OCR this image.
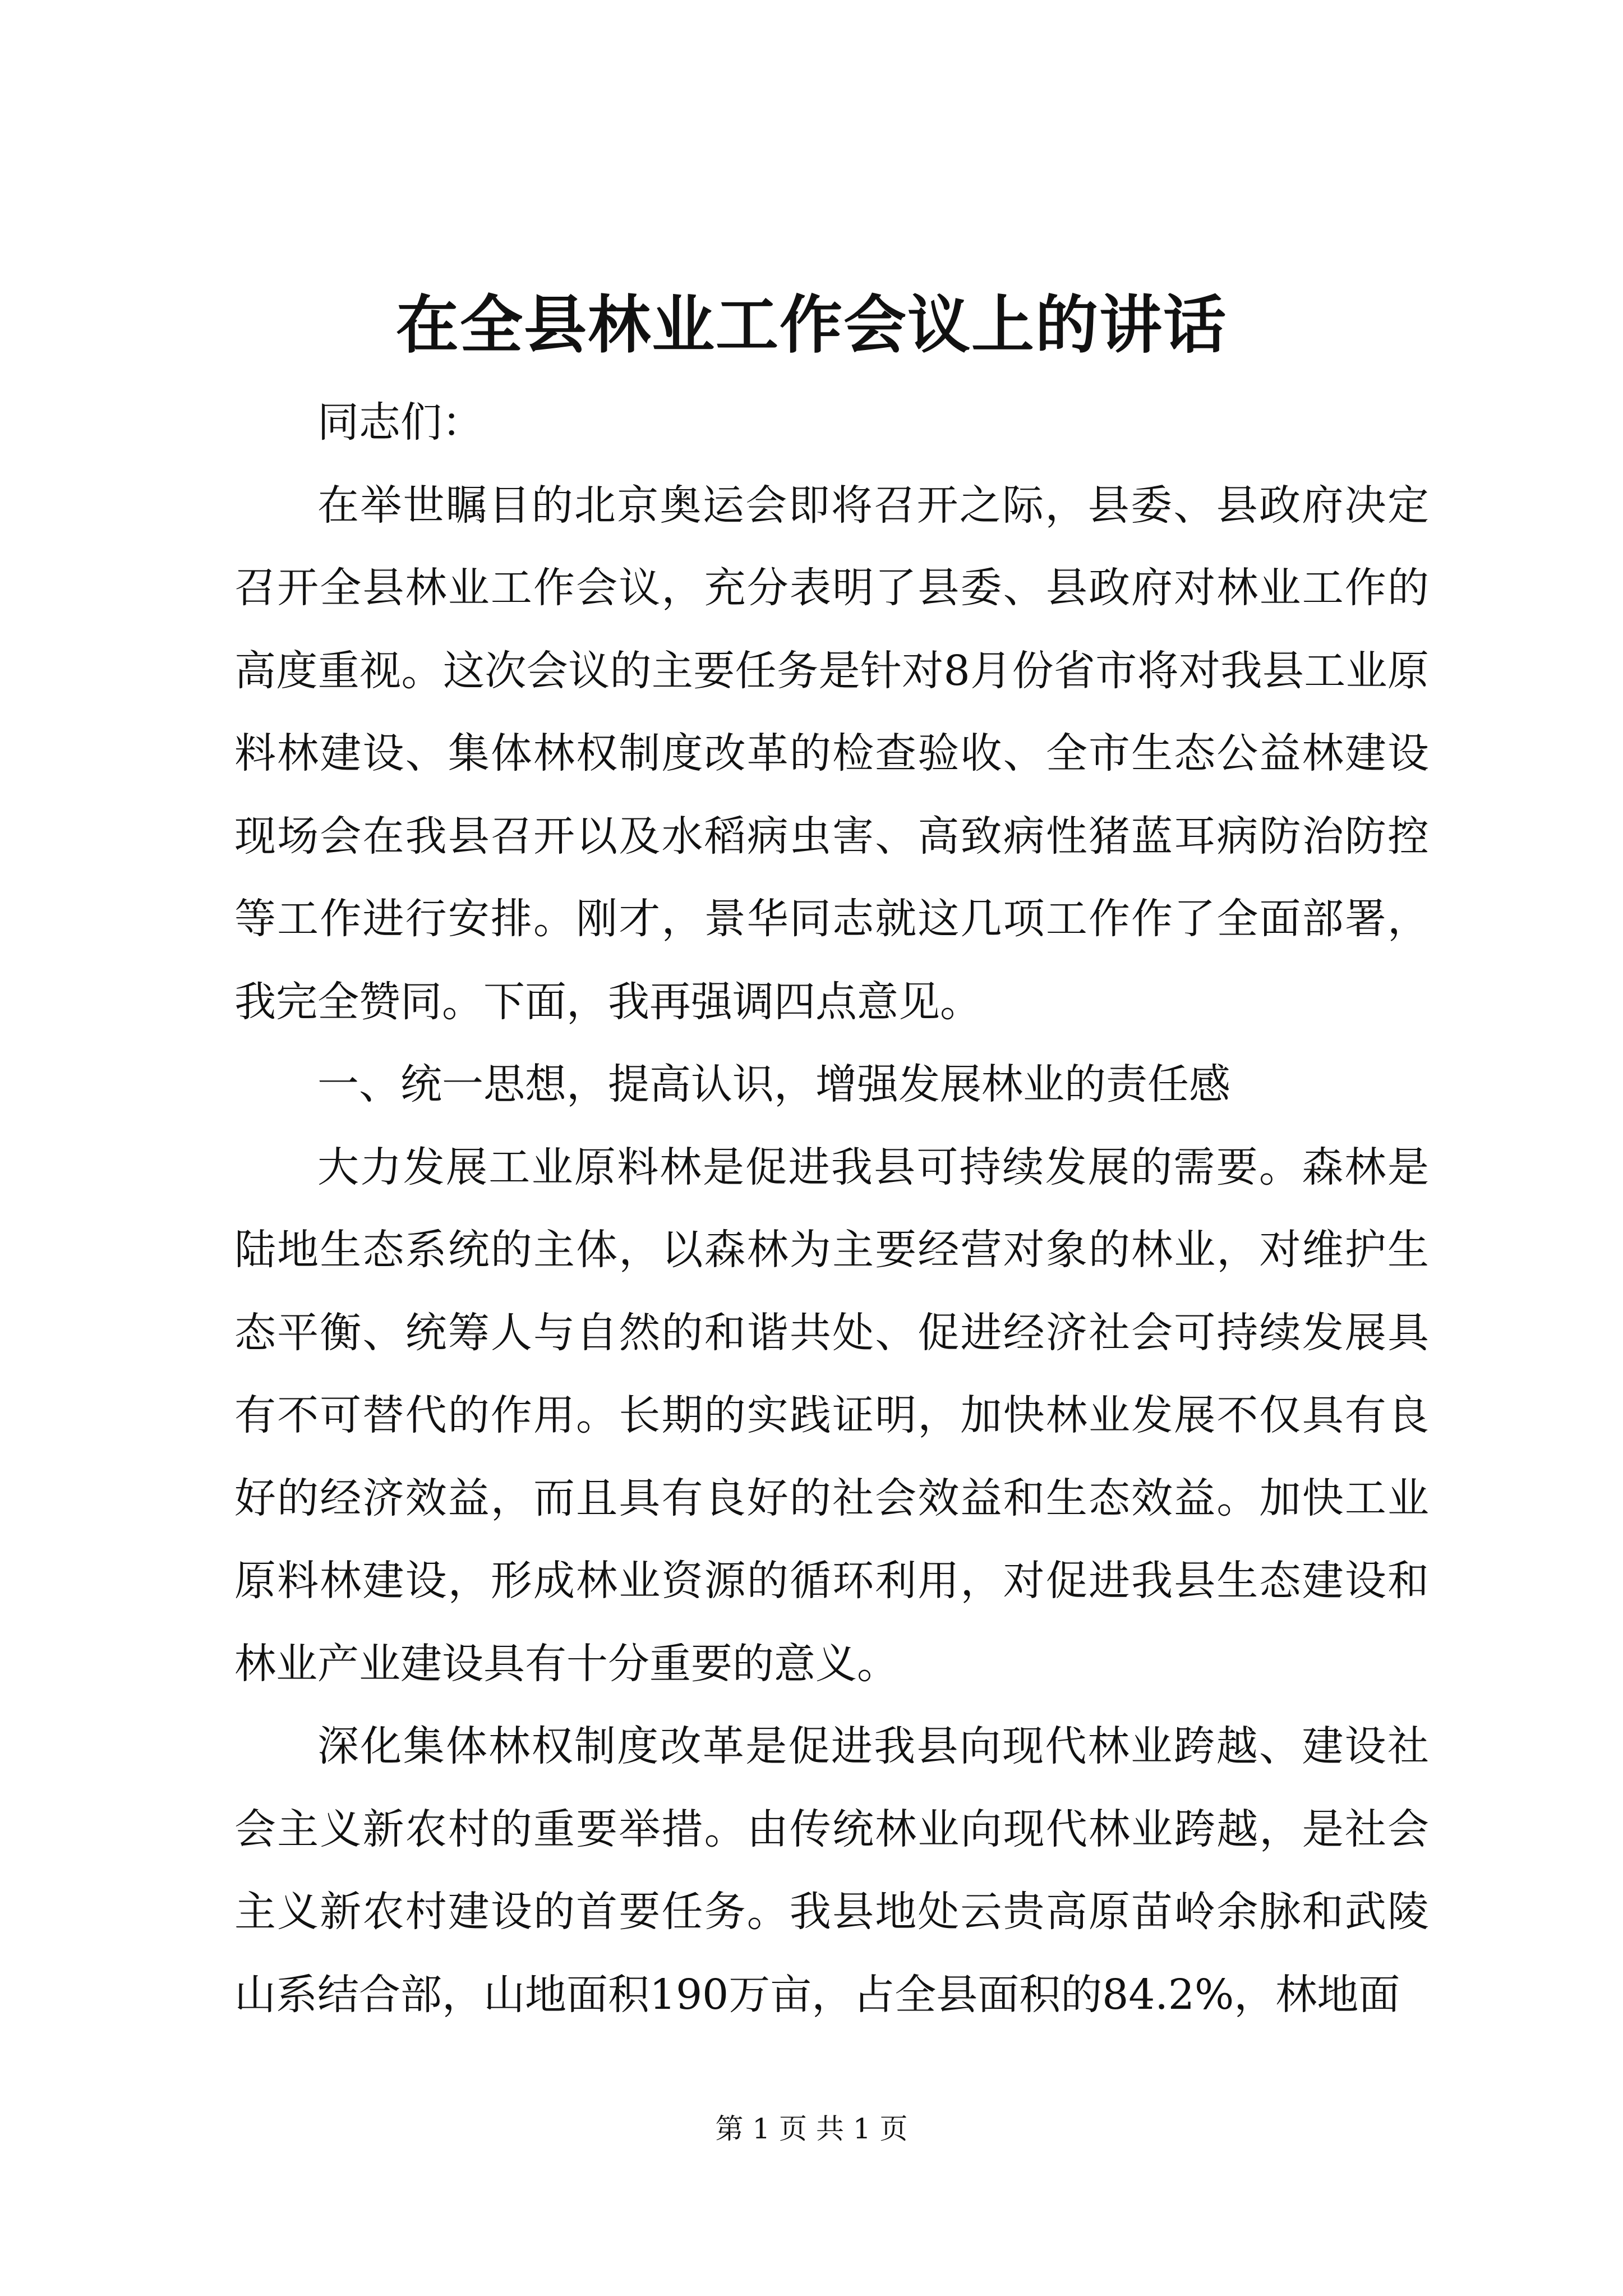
在全县林业工作会议上的讲话

同志们：

在举世瞩目的北京奥运会即将召开之际，县委、县政府决定召开全县林业工作会议，充分表明了县委、县政府对林业工作的高度重视。这次会议的主要任务是针对8月份省市将对我县工业原料林建设、集体林权制度改革的检查验收、全市生态公益林建设现场会在我县召开以及水稻病虫害、高致病性猪蓝耳病防治防控等工作进行安排。刚才，景华同志就这几项工作作了全面部署，我完全赞同。下面，我再强调四点意见。

一、统一思想，提高认识，增强发展林业的责任感

大力发展工业原料林是促进我县可持续发展的需要。森林是陆地生态系统的主体，以森林为主要经营对象的林业，对维护生态平衡、统筹人与自然的和谐共处、促进经济社会可持续发展具有不可替代的作用。长期的实践证明，加快林业发展不仅具有良好的经济效益，而且具有良好的社会效益和生态效益。加快工业原料林建设，形成林业资源的循环利用，对促进我县生态建设和林业产业建设具有十分重要的意义。

深化集体林权制度改革是促进我县向现代林业跨越、建设社会主义新农村的重要举措。由传统林业向现代林业跨越，是社会主义新农村建设的首要任务。我县地处云贵高原苗岭余脉和武陵山系结合部，山地面积190万亩，占全县面积的84.2%，林地面

第 1 页 共 1 页
